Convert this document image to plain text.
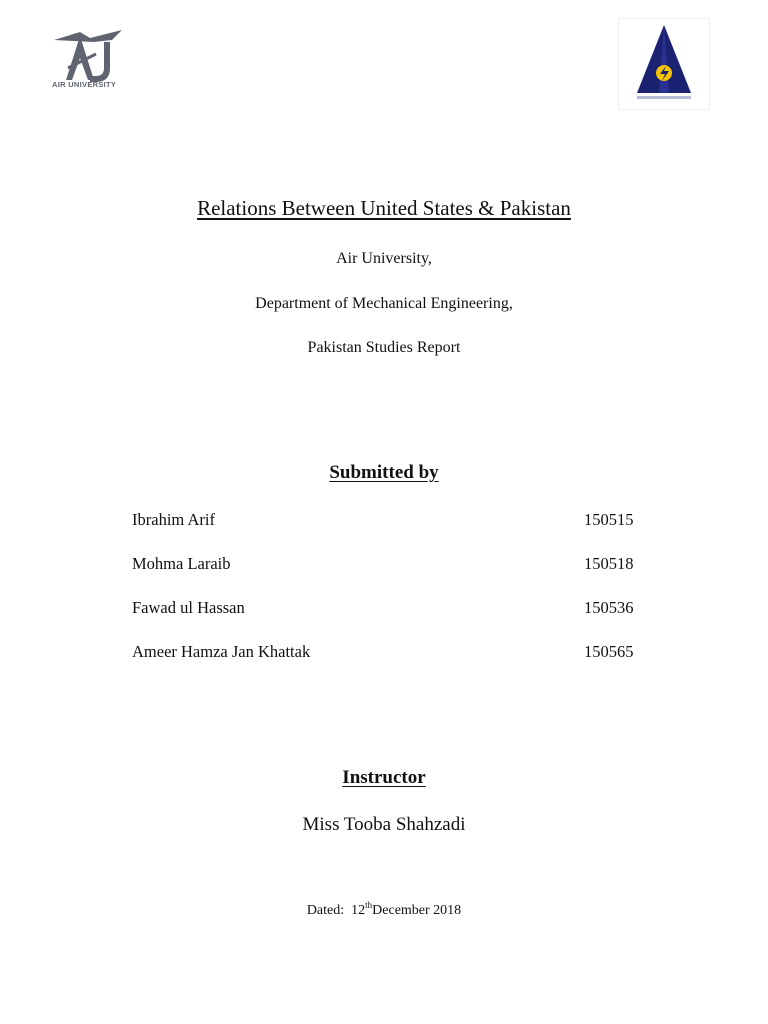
AIR UNIVERSITY
Relations Between United States & Pakistan
Air University,
Department of Mechanical Engineering,
Pakistan Studies Report
Submitted by
Ibrahim Arif	150515
Mohma Laraib	150518
Fawad ul Hassan	150536
Ameer Hamza Jan Khattak	150565
Instructor
Miss Tooba Shahzadi
Dated: 12thDecember 2018
